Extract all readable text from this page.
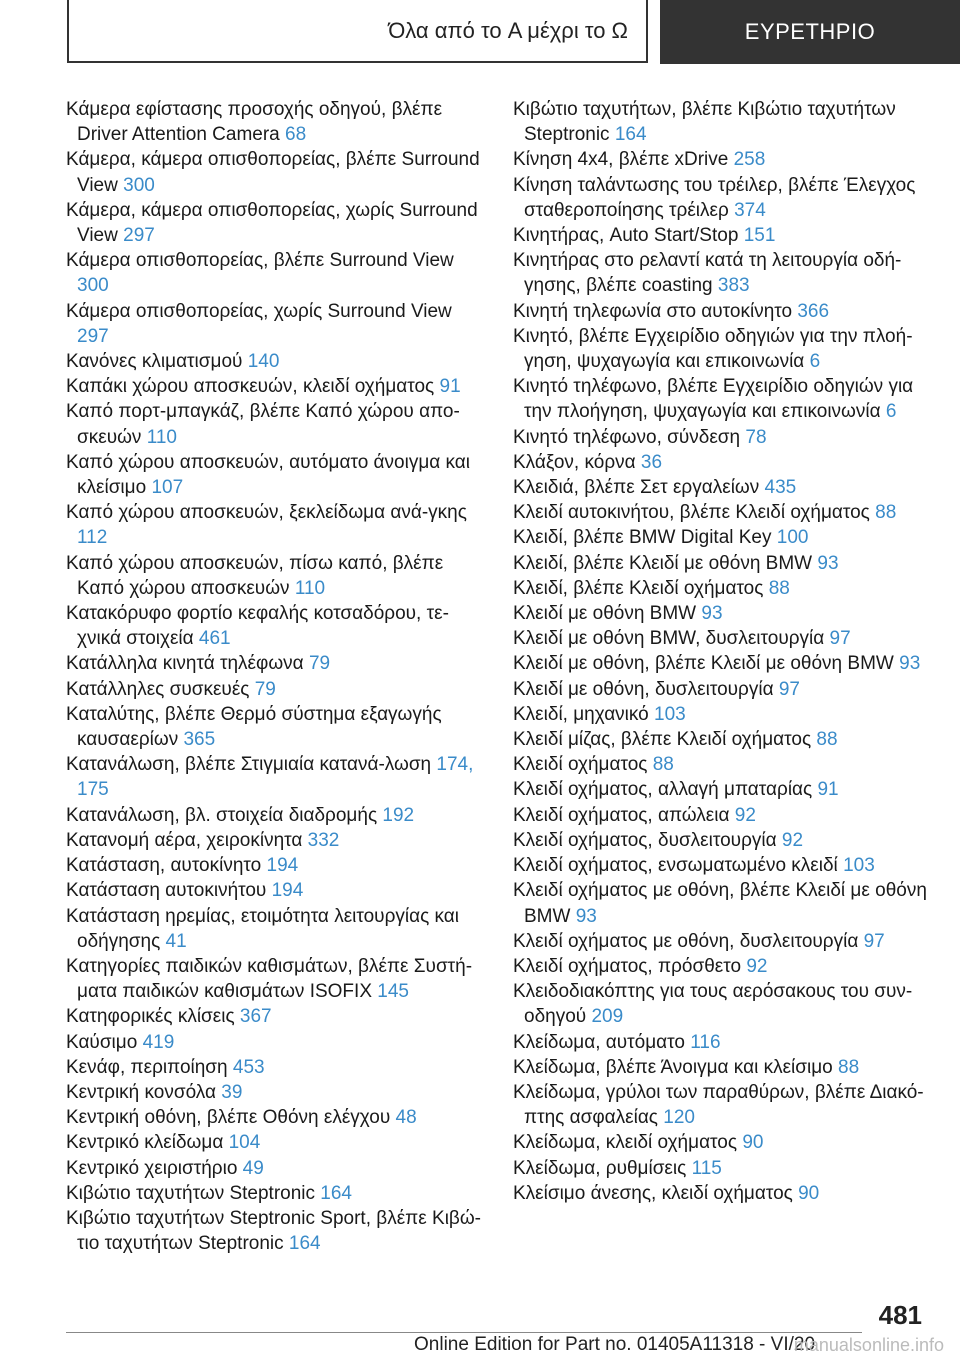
Όλα από το A μέχρι το Ω	ΕΥΡΕΤΗΡΙΟ
Κάμερα εφίστασης προσοχής οδηγού, βλέπε Driver Attention Camera 68
Κάμερα, κάμερα οπισθοπορείας, βλέπε Surround View 300
Κάμερα, κάμερα οπισθοπορείας, χωρίς Surround View 297
Κάμερα οπισθοπορείας, βλέπε Surround View 300
Κάμερα οπισθοπορείας, χωρίς Surround View 297
Κανόνες κλιματισμού 140
Καπάκι χώρου αποσκευών, κλειδί οχήματος 91
Καπό πορτ-μπαγκάζ, βλέπε Καπό χώρου απο-σκευών 110
Καπό χώρου αποσκευών, αυτόματο άνοιγμα και κλείσιμο 107
Καπό χώρου αποσκευών, ξεκλείδωμα ανά-γκης 112
Καπό χώρου αποσκευών, πίσω καπό, βλέπε Καπό χώρου αποσκευών 110
Κατακόρυφο φορτίο κεφαλής κοτσαδόρου, τε-χνικά στοιχεία 461
Κατάλληλα κινητά τηλέφωνα 79
Κατάλληλες συσκευές 79
Καταλύτης, βλέπε Θερμό σύστημα εξαγωγής καυσαερίων 365
Κατανάλωση, βλέπε Στιγμιαία κατανά-λωση 174, 175
Κατανάλωση, βλ. στοιχεία διαδρομής 192
Κατανομή αέρα, χειροκίνητα 332
Κατάσταση, αυτοκίνητο 194
Κατάσταση αυτοκινήτου 194
Κατάσταση ηρεμίας, ετοιμότητα λειτουργίας και οδήγησης 41
Κατηγορίες παιδικών καθισμάτων, βλέπε Συστή-ματα παιδικών καθισμάτων ISOFIX 145
Κατηφορικές κλίσεις 367
Καύσιμο 419
Κενάφ, περιποίηση 453
Κεντρική κονσόλα 39
Κεντρική οθόνη, βλέπε Οθόνη ελέγχου 48
Κεντρικό κλείδωμα 104
Κεντρικό χειριστήριο 49
Κιβώτιο ταχυτήτων Steptronic 164
Κιβώτιο ταχυτήτων Steptronic Sport, βλέπε Κιβώ-τιο ταχυτήτων Steptronic 164
Κιβώτιο ταχυτήτων, βλέπε Κιβώτιο ταχυτήτων Steptronic 164
Κίνηση 4x4, βλέπε xDrive 258
Κίνηση ταλάντωσης του τρέιλερ, βλέπε Έλεγχος σταθεροποίησης τρέιλερ 374
Κινητήρας, Auto Start/Stop 151
Κινητήρας στο ρελαντί κατά τη λειτουργία οδή-γησης, βλέπε coasting 383
Κινητή τηλεφωνία στο αυτοκίνητο 366
Κινητό, βλέπε Εγχειρίδιο οδηγιών για την πλοή-γηση, ψυχαγωγία και επικοινωνία 6
Κινητό τηλέφωνο, βλέπε Εγχειρίδιο οδηγιών για την πλοήγηση, ψυχαγωγία και επικοινωνία 6
Κινητό τηλέφωνο, σύνδεση 78
Κλάξον, κόρνα 36
Κλειδιά, βλέπε Σετ εργαλείων 435
Κλειδί αυτοκινήτου, βλέπε Κλειδί οχήματος 88
Κλειδί, βλέπε BMW Digital Key 100
Κλειδί, βλέπε Κλειδί με οθόνη BMW 93
Κλειδί, βλέπε Κλειδί οχήματος 88
Κλειδί με οθόνη BMW 93
Κλειδί με οθόνη BMW, δυσλειτουργία 97
Κλειδί με οθόνη, βλέπε Κλειδί με οθόνη BMW 93
Κλειδί με οθόνη, δυσλειτουργία 97
Κλειδί, μηχανικό 103
Κλειδί μίζας, βλέπε Κλειδί οχήματος 88
Κλειδί οχήματος 88
Κλειδί οχήματος, αλλαγή μπαταρίας 91
Κλειδί οχήματος, απώλεια 92
Κλειδί οχήματος, δυσλειτουργία 92
Κλειδί οχήματος, ενσωματωμένο κλειδί 103
Κλειδί οχήματος με οθόνη, βλέπε Κλειδί με οθόνη BMW 93
Κλειδί οχήματος με οθόνη, δυσλειτουργία 97
Κλειδί οχήματος, πρόσθετο 92
Κλειδοδιακόπτης για τους αερόσακους του συν-οδηγού 209
Κλείδωμα, αυτόματο 116
Κλείδωμα, βλέπε Άνοιγμα και κλείσιμο 88
Κλείδωμα, γρύλοι των παραθύρων, βλέπε Διακό-πτης ασφαλείας 120
Κλείδωμα, κλειδί οχήματος 90
Κλείδωμα, ρυθμίσεις 115
Κλείσιμο άνεσης, κλειδί οχήματος 90
481
Online Edition for Part no. 01405A11318 - VI/20
manualsonline.info
